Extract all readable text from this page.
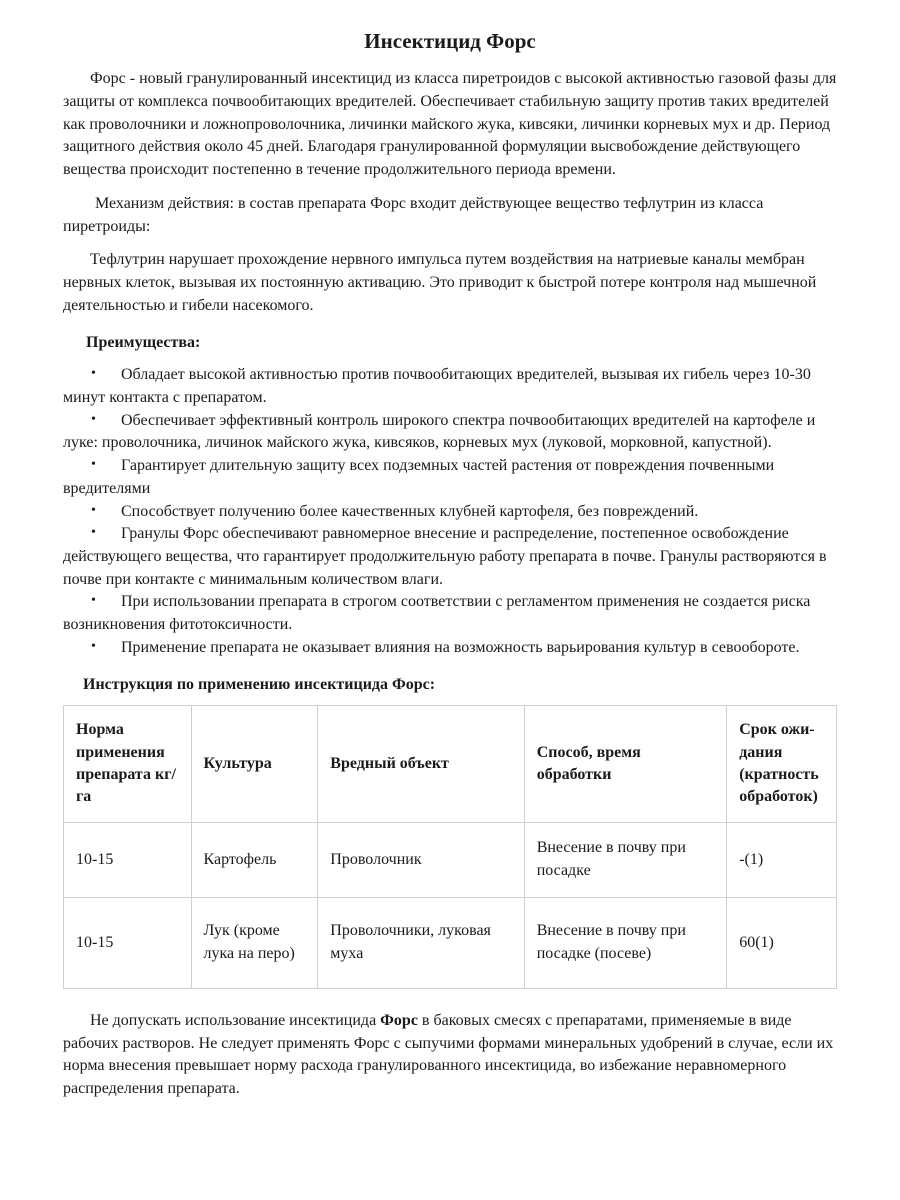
Инсектицид Форс

Форс - новый гранулированный инсектицид из класса пиретроидов с высокой активностью газовой фазы для защиты от комплекса почвообитающих вредителей. Обеспечивает стабильную защиту против таких вредителей как проволочники и ложнопроволочника, личинки майского жука, кивсяки, личинки корневых мух и др. Период защитного действия около 45 дней. Благодаря гранулированной формуляции высвобождение действующего вещества происходит постепенно в течение продолжительного периода времени.

Механизм действия: в состав препарата Форс входит действующее вещество тефлутрин из класса пиретроиды:

Тефлутрин нарушает прохождение нервного импульса путем воздействия на натриевые каналы мембран нервных клеток, вызывая их постоянную активацию. Это приводит к быстрой потере контроля над мышечной деятельностью и гибели насекомого.

Преимущества:

• Обладает высокой активностью против почвообитающих вредителей, вызывая их гибель через 10-30 минут контакта с препаратом.

• Обеспечивает эффективный контроль широкого спектра почвообитающих вредителей на картофеле и луке: проволочника, личинок майского жука, кивсяков, корневых мух (луковой, морковной, капустной).

• Гарантирует длительную защиту всех подземных частей растения от повреждения почвенными вредителями

• Способствует получению более качественных клубней картофеля, без повреждений.

• Гранулы Форс обеспечивают равномерное внесение и распределение, постепенное освобождение действующего вещества, что гарантирует продолжительную работу препарата в почве. Гранулы растворяются в почве при контакте с минимальным количеством влаги.

• При использовании препарата в строгом соответствии с регламентом применения не создается риска возникновения фитотоксичности.

• Применение препарата не оказывает влияния на возможность варьирования культур в севообороте.

Инструкция по применению инсектицида Форс:
Норма применения препарата кг/га	Культура	Вредный объект	Способ, время обработки	Срок ожи-дания (кратность обработок)
10-15	Картофель	Проволочник	Внесение в почву при посадке	-(1)
10-15	Лук (кроме лука на перо)	Проволочники, луковая муха	Внесение в почву при посадке (посеве)	60(1)

Не допускать использование инсектицида Форс в баковых смесях с препаратами, применяемые в виде рабочих растворов. Не следует применять Форс с сыпучими формами минеральных удобрений в случае, если их норма внесения превышает норму расхода гранулированного инсектицида, во избежание неравномерного распределения препарата.
